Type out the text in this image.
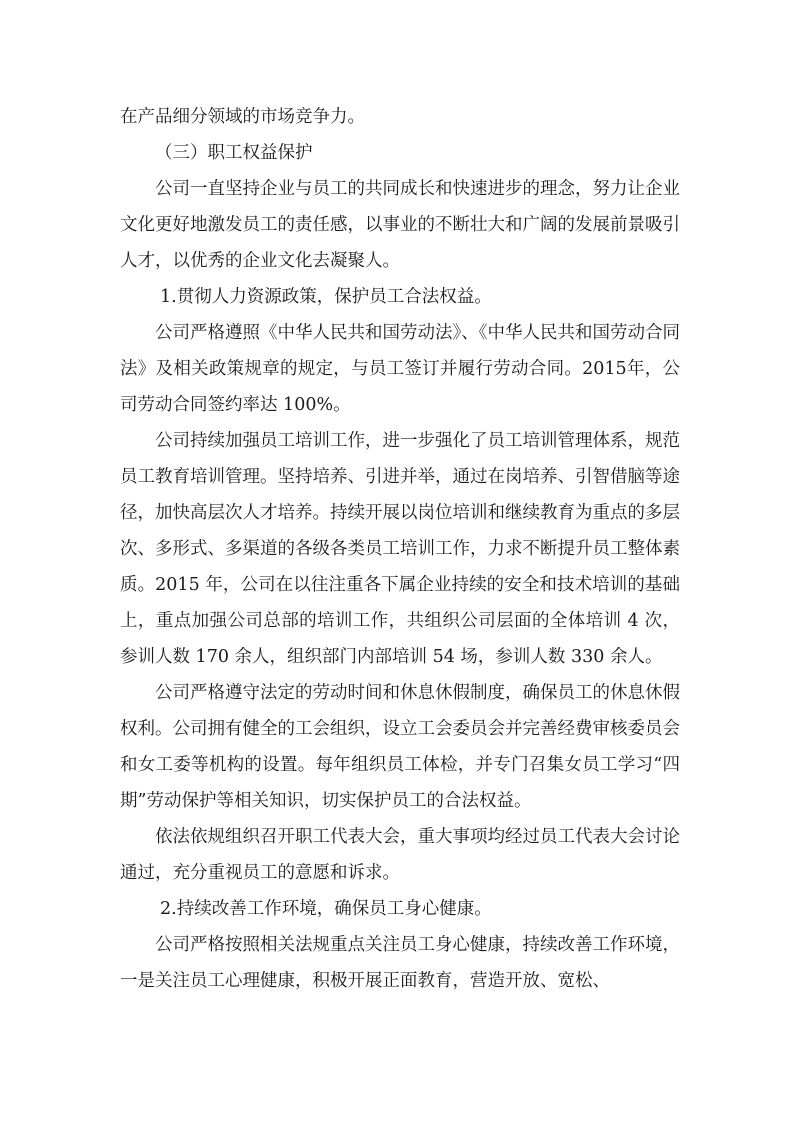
在产品细分领域的市场竞争力。

（三）职工权益保护

公司一直坚持企业与员工的共同成长和快速进步的理念，努力让企业文化更好地激发员工的责任感，以事业的不断壮大和广阔的发展前景吸引人才，以优秀的企业文化去凝聚人。

1.贯彻人力资源政策，保护员工合法权益。

公司严格遵照《中华人民共和国劳动法》、《中华人民共和国劳动合同法》及相关政策规章的规定，与员工签订并履行劳动合同。2015年，公司劳动合同签约率达 100%。

公司持续加强员工培训工作，进一步强化了员工培训管理体系，规范员工教育培训管理。坚持培养、引进并举，通过在岗培养、引智借脑等途径，加快高层次人才培养。持续开展以岗位培训和继续教育为重点的多层次、多形式、多渠道的各级各类员工培训工作，力求不断提升员工整体素质。2015 年，公司在以往注重各下属企业持续的安全和技术培训的基础上，重点加强公司总部的培训工作，共组织公司层面的全体培训 4 次，参训人数 170 余人，组织部门内部培训 54 场，参训人数 330 余人。

公司严格遵守法定的劳动时间和休息休假制度，确保员工的休息休假权利。公司拥有健全的工会组织，设立工会委员会并完善经费审核委员会和女工委等机构的设置。每年组织员工体检，并专门召集女员工学习“四期”劳动保护等相关知识，切实保护员工的合法权益。

依法依规组织召开职工代表大会，重大事项均经过员工代表大会讨论通过，充分重视员工的意愿和诉求。

2.持续改善工作环境，确保员工身心健康。

公司严格按照相关法规重点关注员工身心健康，持续改善工作环境，一是关注员工心理健康，积极开展正面教育，营造开放、宽松、
